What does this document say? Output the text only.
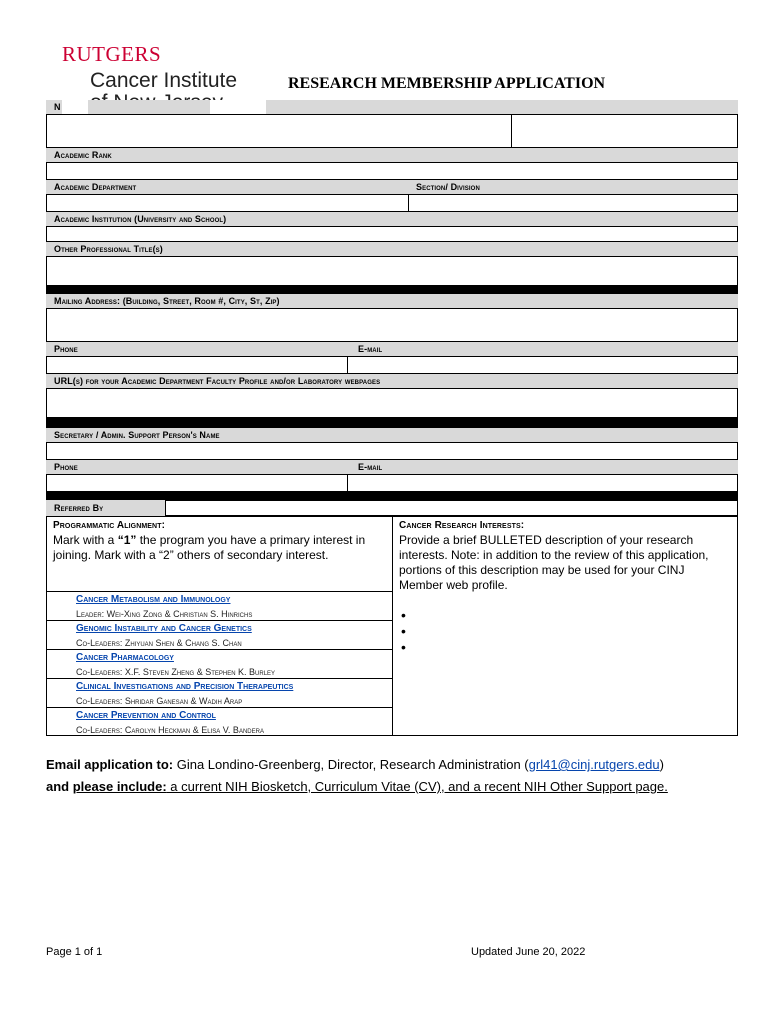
RUTGERS
Cancer Institute	RESEARCH MEMBERSHIP APPLICATION
N
Academic Rank
Academic Department	Section/ Division
Academic Institution (University and School)
Other Professional Title(s)
Mailing Address: (Building, Street, Room #, City, St, Zip)
Phone	E-mail
URL(s) for your Academic Department Faculty Profile and/or Laboratory webpages
Secretary / Admin. Support Person's Name
Phone	E-mail
Referred By
Programmatic Alignment:
Mark with a “1” the program you have a primary interest in joining. Mark with a “2” others of secondary interest.
Cancer Research Interests:
Provide a brief BULLETED description of your research interests. Note: in addition to the review of this application, portions of this description may be used for your CINJ Member web profile.
•
•
•
Cancer Metabolism and Immunology
Leader: Wei-Xing Zong & Christian S. Hinrichs
Genomic Instability and Cancer Genetics
Co-Leaders: Zhiyuan Shen & Chang S. Chan
Cancer Pharmacology
Co-Leaders: X.F. Steven Zheng & Stephen K. Burley
Clinical Investigations and Precision Therapeutics
Co-Leaders: Shridar Ganesan & Wadih Arap
Cancer Prevention and Control
Co-Leaders: Carolyn Heckman & Elisa V. Bandera
Email application to: Gina Londino-Greenberg, Director, Research Administration (grl41@cinj.rutgers.edu)
and please include: a current NIH Biosketch, Curriculum Vitae (CV), and a recent NIH Other Support page.
Page 1 of 1	Updated June 20, 2022
